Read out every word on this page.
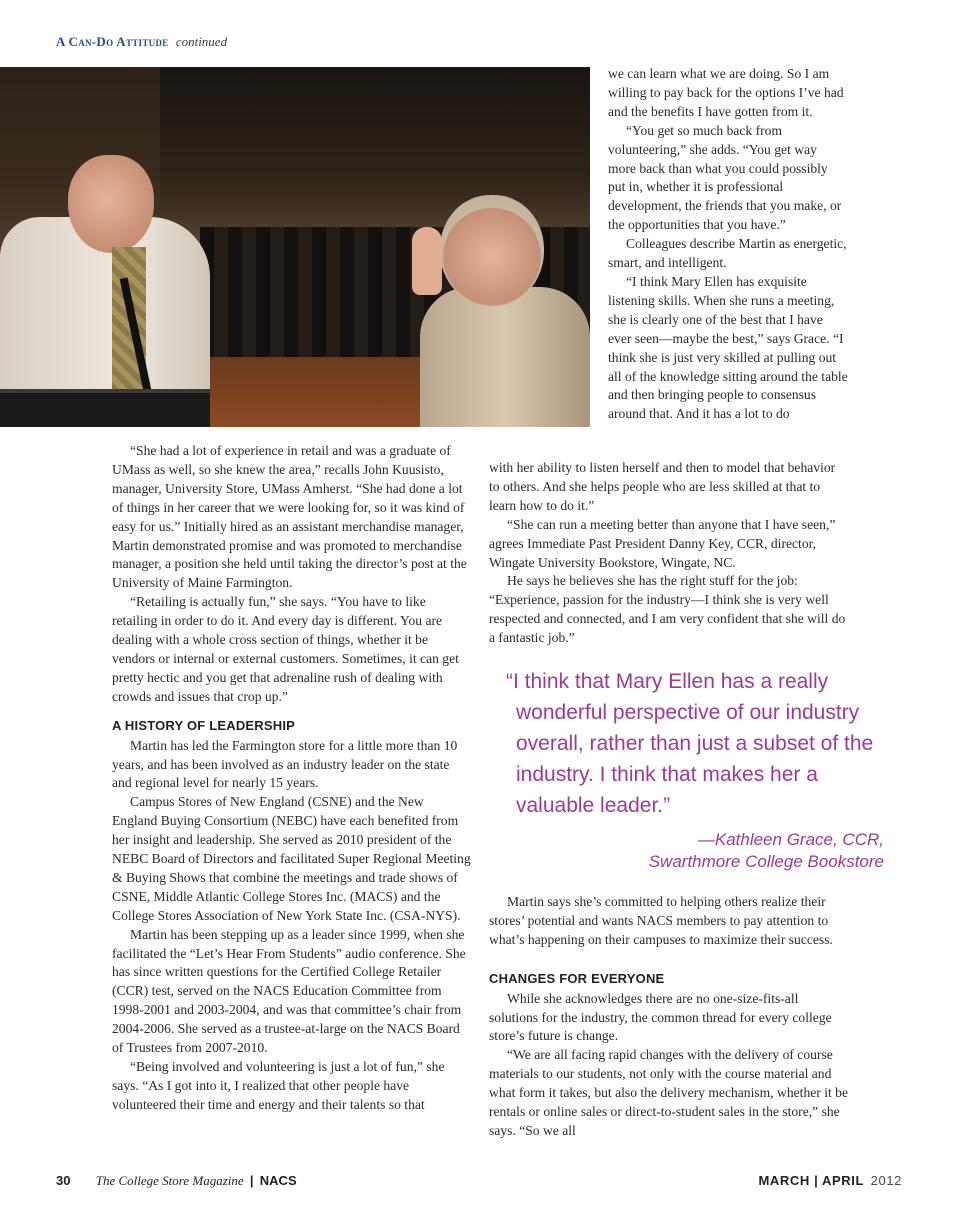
A Can-Do Attitude continued

“She had a lot of experience in retail and was a graduate of UMass as well, so she knew the area,” recalls John Kuusisto, manager, University Store, UMass Amherst. “She had done a lot of things in her career that we were looking for, so it was kind of easy for us.” Initially hired as an assistant merchandise manager, Martin demonstrated promise and was promoted to merchandise manager, a position she held until taking the director’s post at the University of Maine Farmington.

“Retailing is actually fun,” she says. “You have to like retailing in order to do it. And every day is different. You are dealing with a whole cross section of things, whether it be vendors or internal or external customers. Sometimes, it can get pretty hectic and you get that adrenaline rush of dealing with crowds and issues that crop up.”

A HISTORY OF LEADERSHIP

Martin has led the Farmington store for a little more than 10 years, and has been involved as an industry leader on the state and regional level for nearly 15 years.

Campus Stores of New England (CSNE) and the New England Buying Consortium (NEBC) have each benefited from her insight and leadership. She served as 2010 president of the NEBC Board of Directors and facilitated Super Regional Meeting & Buying Shows that combine the meetings and trade shows of CSNE, Middle Atlantic College Stores Inc. (MACS) and the College Stores Association of New York State Inc. (CSA-NYS).

Martin has been stepping up as a leader since 1999, when she facilitated the “Let’s Hear From Students” audio conference. She has since written questions for the Certified College Retailer (CCR) test, served on the NACS Education Committee from 1998-2001 and 2003-2004, and was that committee’s chair from 2004-2006. She served as a trustee-at-large on the NACS Board of Trustees from 2007-2010.

“Being involved and volunteering is just a lot of fun,” she says. “As I got into it, I realized that other people have volunteered their time and energy and their talents so that

we can learn what we are doing. So I am willing to pay back for the options I’ve had and the benefits I have gotten from it.

“You get so much back from volunteering,” she adds. “You get way more back than what you could possibly put in, whether it is professional development, the friends that you make, or the opportunities that you have.”

Colleagues describe Martin as energetic, smart, and intelligent.

“I think Mary Ellen has exquisite listening skills. When she runs a meeting, she is clearly one of the best that I have ever seen—maybe the best,” says Grace. “I think she is just very skilled at pulling out all of the knowledge sitting around the table and then bringing people to consensus around that. And it has a lot to do

with her ability to listen herself and then to model that behavior to others. And she helps people who are less skilled at that to learn how to do it.”

“She can run a meeting better than anyone that I have seen,” agrees Immediate Past President Danny Key, CCR, director, Wingate University Bookstore, Wingate, NC.

He says he believes she has the right stuff for the job: “Experience, passion for the industry—I think she is very well respected and connected, and I am very confident that she will do a fantastic job.”

“I think that Mary Ellen has a really wonderful perspective of our industry overall, rather than just a subset of the industry. I think that makes her a valuable leader.”

—Kathleen Grace, CCR,
Swarthmore College Bookstore

Martin says she’s committed to helping others realize their stores’ potential and wants NACS members to pay attention to what’s happening on their campuses to maximize their success.

CHANGES FOR EVERYONE

While she acknowledges there are no one-size-fits-all solutions for the industry, the common thread for every college store’s future is change.

“We are all facing rapid changes with the delivery of course materials to our students, not only with the course material and what form it takes, but also the delivery mechanism, whether it be rentals or online sales or direct-to-student sales in the store,” she says. “So we all

30 The College Store Magazine | NACS	MARCH | APRIL 2012
